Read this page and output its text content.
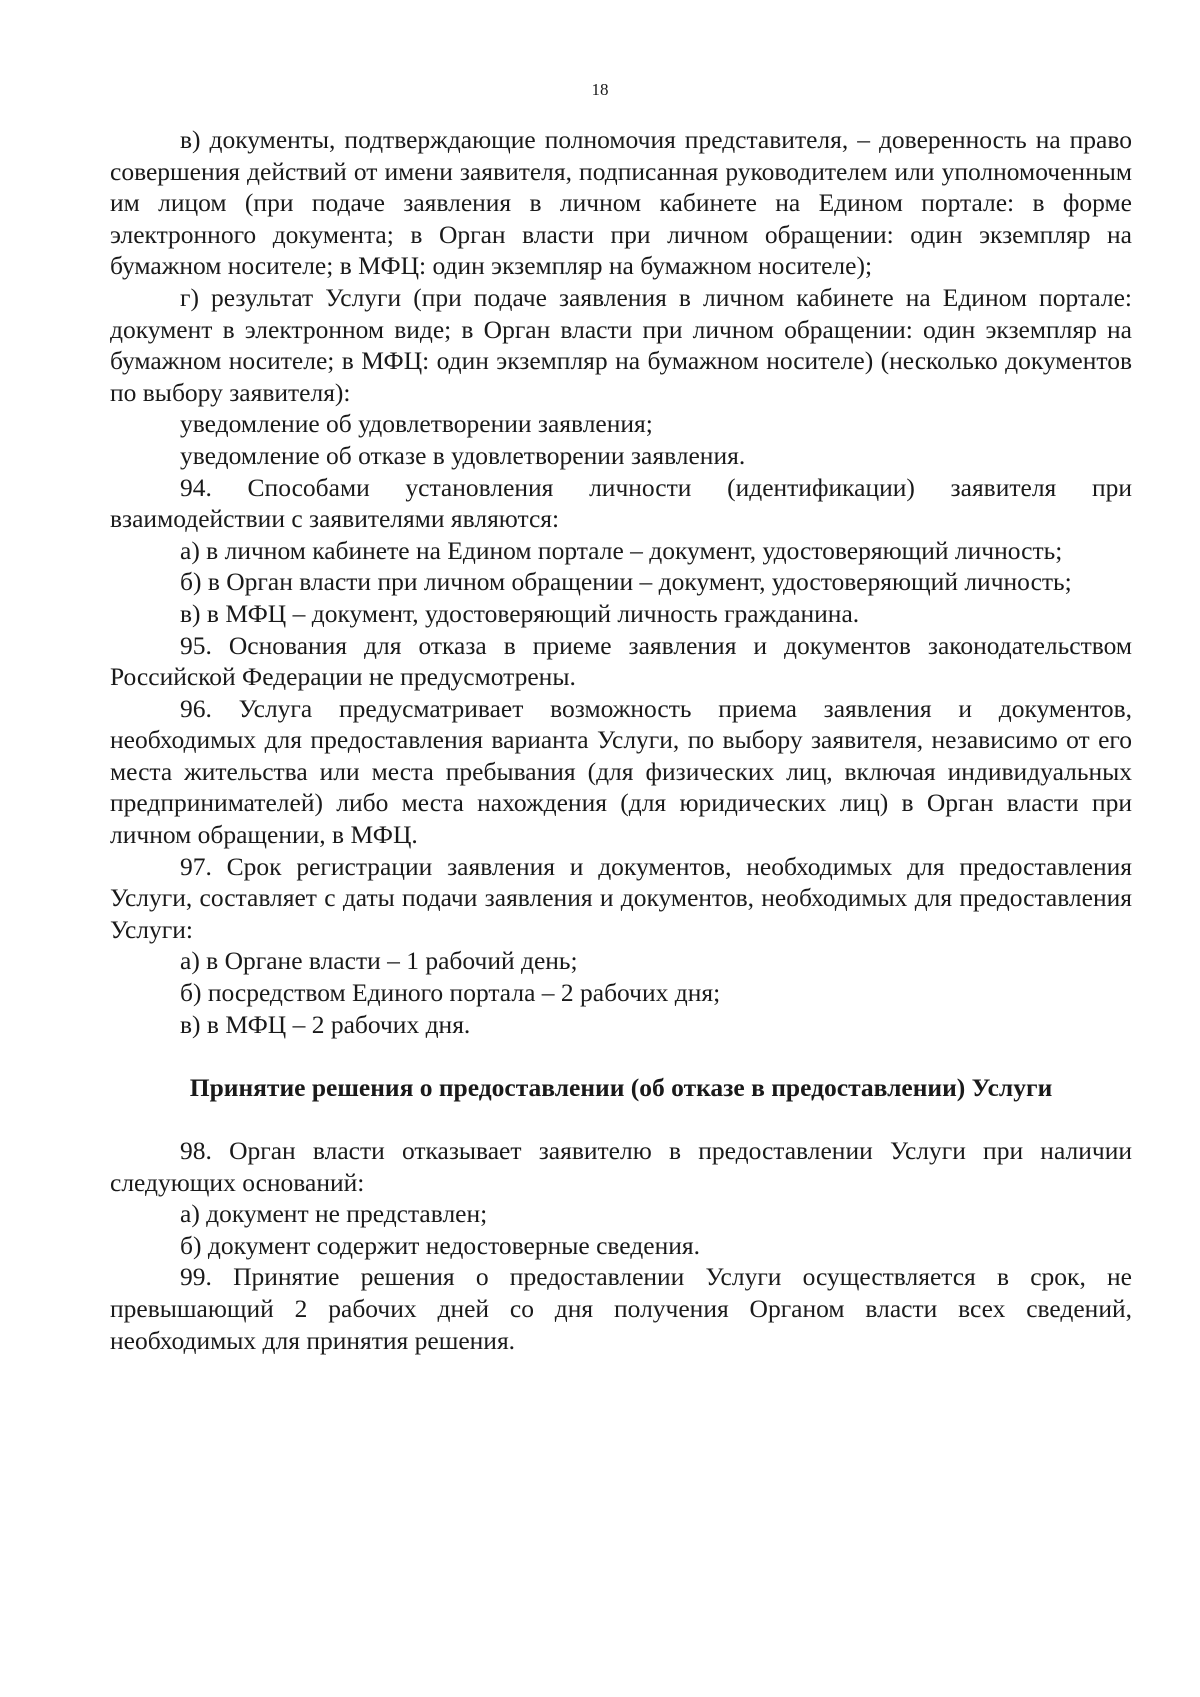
18

в) документы, подтверждающие полномочия представителя, – доверенность на право совершения действий от имени заявителя, подписанная руководителем или уполномоченным им лицом (при подаче заявления в личном кабинете на Едином портале: в форме электронного документа; в Орган власти при личном обращении: один экземпляр на бумажном носителе; в МФЦ: один экземпляр на бумажном носителе);

г) результат Услуги (при подаче заявления в личном кабинете на Едином портале: документ в электронном виде; в Орган власти при личном обращении: один экземпляр на бумажном носителе; в МФЦ: один экземпляр на бумажном носителе) (несколько документов по выбору заявителя):

уведомление об удовлетворении заявления;

уведомление об отказе в удовлетворении заявления.

94. Способами установления личности (идентификации) заявителя при взаимодействии с заявителями являются:

а) в личном кабинете на Едином портале – документ, удостоверяющий личность;

б) в Орган власти при личном обращении – документ, удостоверяющий личность;

в) в МФЦ – документ, удостоверяющий личность гражданина.

95. Основания для отказа в приеме заявления и документов законодательством Российской Федерации не предусмотрены.

96. Услуга предусматривает возможность приема заявления и документов, необходимых для предоставления варианта Услуги, по выбору заявителя, независимо от его места жительства или места пребывания (для физических лиц, включая индивидуальных предпринимателей) либо места нахождения (для юридических лиц) в Орган власти при личном обращении, в МФЦ.

97. Срок регистрации заявления и документов, необходимых для предоставления Услуги, составляет с даты подачи заявления и документов, необходимых для предоставления Услуги:

а) в Органе власти – 1 рабочий день;

б) посредством Единого портала – 2 рабочих дня;

в) в МФЦ – 2 рабочих дня.

Принятие решения о предоставлении (об отказе в предоставлении) Услуги

98. Орган власти отказывает заявителю в предоставлении Услуги при наличии следующих оснований:

а) документ не представлен;

б) документ содержит недостоверные сведения.

99. Принятие решения о предоставлении Услуги осуществляется в срок, не превышающий 2 рабочих дней со дня получения Органом власти всех сведений, необходимых для принятия решения.
